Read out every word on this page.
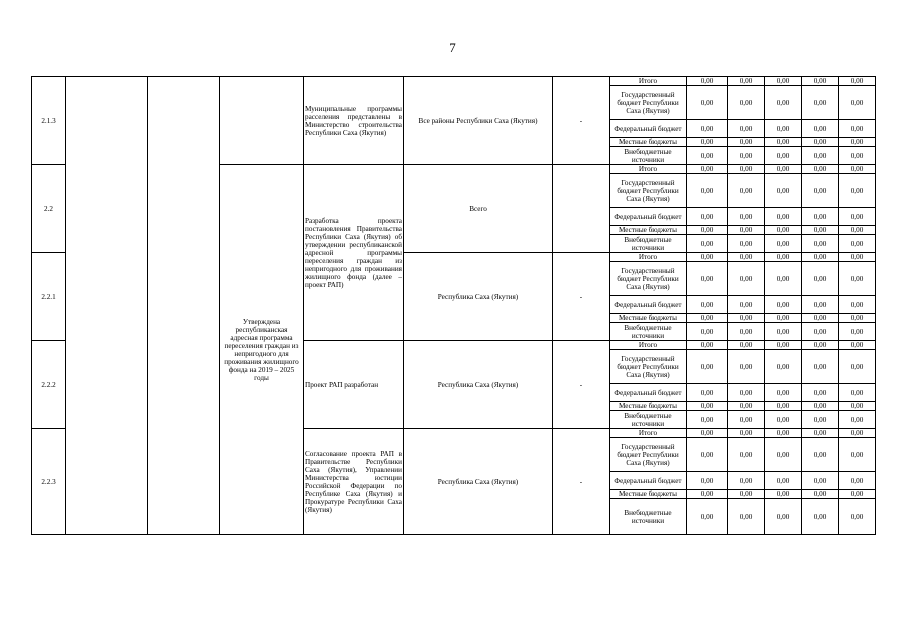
7
2.1.3				Муниципальные программы расселения представлены в Министерство строительства Республики Саха (Якутия)	Все районы Республики Саха (Якутия)	-	Итого	0,00	0,00	0,00	0,00	0,00
							Государственный бюджет Республики Саха (Якутия)	0,00	0,00	0,00	0,00	0,00
							Федеральный бюджет	0,00	0,00	0,00	0,00	0,00
							Местные бюджеты	0,00	0,00	0,00	0,00	0,00
							Внебюджетные источники	0,00	0,00	0,00	0,00	0,00
2.2			Утверждена республиканская адресная программа переселения граждан из непригодного для проживания жилищного фонда на 2019 – 2025 годы	Разработка проекта постановления Правительства Республики Саха (Якутия) об утверждении республиканской адресной программы переселения граждан из непригодного для проживания жилищного фонда (далее – проект РАП)	Всего		Итого	0,00	0,00	0,00	0,00	0,00
							Государственный бюджет Республики Саха (Якутия)	0,00	0,00	0,00	0,00	0,00
							Федеральный бюджет	0,00	0,00	0,00	0,00	0,00
							Местные бюджеты	0,00	0,00	0,00	0,00	0,00
							Внебюджетные источники	0,00	0,00	0,00	0,00	0,00
2.2.1					Республика Саха (Якутия)	-	Итого	0,00	0,00	0,00	0,00	0,00
							Государственный бюджет Республики Саха (Якутия)	0,00	0,00	0,00	0,00	0,00
							Федеральный бюджет	0,00	0,00	0,00	0,00	0,00
							Местные бюджеты	0,00	0,00	0,00	0,00	0,00
							Внебюджетные источники	0,00	0,00	0,00	0,00	0,00
2.2.2				Проект РАП разработан	Республика Саха (Якутия)	-	Итого	0,00	0,00	0,00	0,00	0,00
							Государственный бюджет Республики Саха (Якутия)	0,00	0,00	0,00	0,00	0,00
							Федеральный бюджет	0,00	0,00	0,00	0,00	0,00
							Местные бюджеты	0,00	0,00	0,00	0,00	0,00
							Внебюджетные источники	0,00	0,00	0,00	0,00	0,00
2.2.3				Согласование проекта РАП в Правительстве Республики Саха (Якутия), Управлении Министерства юстиции Российской Федерации по Республике Саха (Якутия) и Прокуратуре Республики Саха (Якутия)	Республика Саха (Якутия)	-	Итого	0,00	0,00	0,00	0,00	0,00
							Государственный бюджет Республики Саха (Якутия)	0,00	0,00	0,00	0,00	0,00
							Федеральный бюджет	0,00	0,00	0,00	0,00	0,00
							Местные бюджеты	0,00	0,00	0,00	0,00	0,00
							Внебюджетные источники	0,00	0,00	0,00	0,00	0,00
